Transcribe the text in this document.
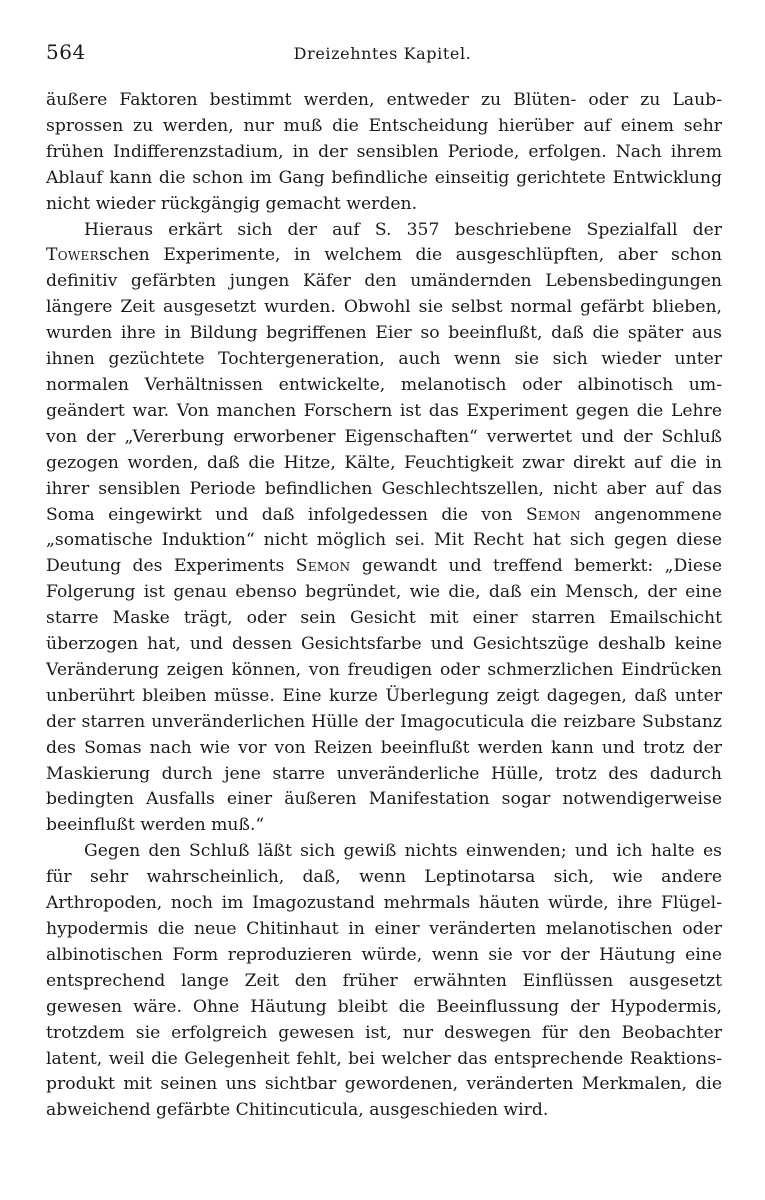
564	Dreizehntes Kapitel.

äußere Faktoren bestimmt werden, entweder zu Blüten- oder zu Laubsprossen zu werden, nur muß die Entscheidung hierüber auf einem sehr frühen Indifferenzstadium, in der sensiblen Periode, erfolgen. Nach ihrem Ablauf kann die schon im Gang befindliche einseitig gerichtete Entwicklung nicht wieder rückgängig gemacht werden.

Hieraus erkärt sich der auf S. 357 beschriebene Spezialfall der Towerschen Experimente, in welchem die ausgeschlüpften, aber schon definitiv gefärbten jungen Käfer den umändernden Lebensbedingungen längere Zeit ausgesetzt wurden. Obwohl sie selbst normal gefärbt blieben, wurden ihre in Bildung begriffenen Eier so beeinflußt, daß die später aus ihnen gezüchtete Tochtergeneration, auch wenn sie sich wieder unter normalen Verhältnissen entwickelte, melanotisch oder albinotisch umgeändert war. Von manchen Forschern ist das Experiment gegen die Lehre von der „Vererbung erworbener Eigenschaften“ verwertet und der Schluß gezogen worden, daß die Hitze, Kälte, Feuchtigkeit zwar direkt auf die in ihrer sensiblen Periode befindlichen Geschlechtszellen, nicht aber auf das Soma eingewirkt und daß infolgedessen die von Semon angenommene „somatische Induktion“ nicht möglich sei. Mit Recht hat sich gegen diese Deutung des Experiments Semon gewandt und treffend bemerkt: „Diese Folgerung ist genau ebenso begründet, wie die, daß ein Mensch, der eine starre Maske trägt, oder sein Gesicht mit einer starren Emailschicht überzogen hat, und dessen Gesichtsfarbe und Gesichtszüge deshalb keine Veränderung zeigen können, von freudigen oder schmerzlichen Eindrücken unberührt bleiben müsse. Eine kurze Überlegung zeigt dagegen, daß unter der starren unveränderlichen Hülle der Imagocuticula die reizbare Substanz des Somas nach wie vor von Reizen beeinflußt werden kann und trotz der Maskierung durch jene starre unveränderliche Hülle, trotz des dadurch bedingten Ausfalls einer äußeren Manifestation sogar notwendigerweise beeinflußt werden muß.“

Gegen den Schluß läßt sich gewiß nichts einwenden; und ich halte es für sehr wahrscheinlich, daß, wenn Leptinotarsa sich, wie andere Arthropoden, noch im Imagozustand mehrmals häuten würde, ihre Flügelhypodermis die neue Chitinhaut in einer veränderten melanotischen oder albinotischen Form reproduzieren würde, wenn sie vor der Häutung eine entsprechend lange Zeit den früher erwähnten Einflüssen ausgesetzt gewesen wäre. Ohne Häutung bleibt die Beeinflussung der Hypodermis, trotzdem sie erfolgreich gewesen ist, nur deswegen für den Beobachter latent, weil die Gelegenheit fehlt, bei welcher das entsprechende Reaktionsprodukt mit seinen uns sichtbar gewordenen, veränderten Merkmalen, die abweichend gefärbte Chitincuticula, ausgeschieden wird.
